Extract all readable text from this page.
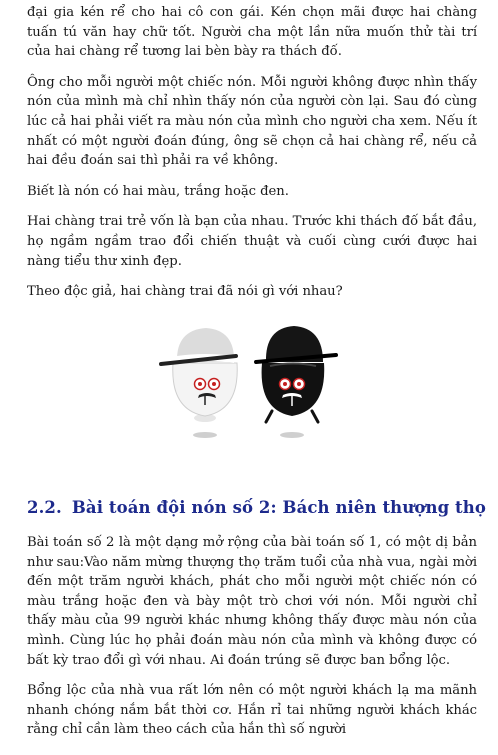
đại gia kén rể cho hai cô con gái. Kén chọn mãi được hai chàng tuấn tú văn hay chữ tốt. Người cha một lần nữa muốn thử tài trí của hai chàng rể tương lai bèn bày ra thách đố.

Ông cho mỗi người một chiếc nón. Mỗi người không được nhìn thấy nón của mình mà chỉ nhìn thấy nón của người còn lại. Sau đó cùng lúc cả hai phải viết ra màu nón của mình cho người cha xem. Nếu ít nhất có một người đoán đúng, ông sẽ chọn cả hai chàng rể, nếu cả hai đều đoán sai thì phải ra về không.

Biết là nón có hai màu, trắng hoặc đen.

Hai chàng trai trẻ vốn là bạn của nhau. Trước khi thách đố bắt đầu, họ ngầm ngầm trao đổi chiến thuật và cuối cùng cưới được hai nàng tiểu thư xinh đẹp.

Theo độc giả, hai chàng trai đã nói gì với nhau?

2.2. Bài toán đội nón số 2: Bách niên thượng thọ

Bài toán số 2 là một dạng mở rộng của bài toán số 1, có một dị bản như sau:Vào năm mừng thượng thọ trăm tuổi của nhà vua, ngài mời đến một trăm người khách, phát cho mỗi người một chiếc nón có màu trắng hoặc đen và bày một trò chơi với nón. Mỗi người chỉ thấy màu của 99 người khác nhưng không thấy được màu nón của mình. Cùng lúc họ phải đoán màu nón của mình và không được có bất kỳ trao đổi gì với nhau. Ai đoán trúng sẽ được ban bổng lộc.

Bổng lộc của nhà vua rất lớn nên có một người khách lạ ma mãnh nhanh chóng nắm bắt thời cơ. Hắn rỉ tai những người khách khác rằng chỉ cần làm theo cách của hắn thì số người
